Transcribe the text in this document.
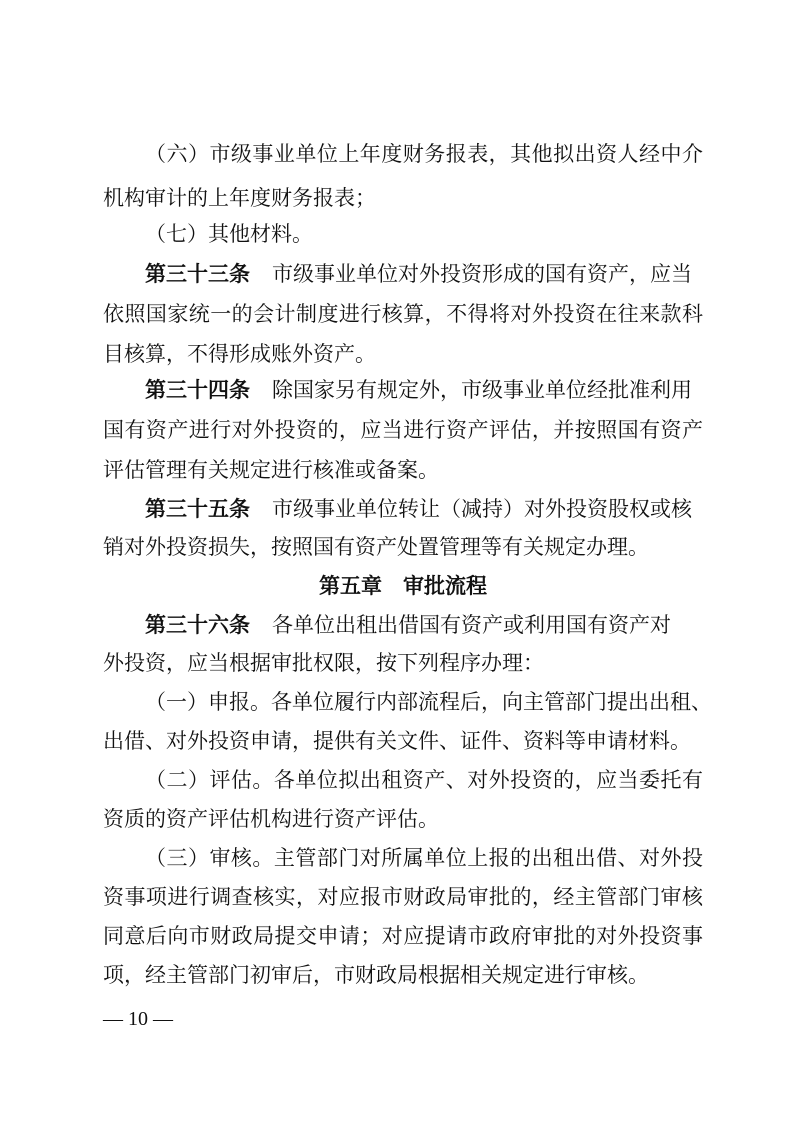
（六）市级事业单位上年度财务报表，其他拟出资人经中介
机构审计的上年度财务报表；
（七）其他材料。
第三十三条 市级事业单位对外投资形成的国有资产，应当
依照国家统一的会计制度进行核算，不得将对外投资在往来款科
目核算，不得形成账外资产。
第三十四条 除国家另有规定外，市级事业单位经批准利用
国有资产进行对外投资的，应当进行资产评估，并按照国有资产
评估管理有关规定进行核准或备案。
第三十五条 市级事业单位转让（减持）对外投资股权或核
销对外投资损失，按照国有资产处置管理等有关规定办理。
第五章　审批流程
第三十六条 各单位出租出借国有资产或利用国有资产对
外投资，应当根据审批权限，按下列程序办理：
（一）申报。各单位履行内部流程后，向主管部门提出出租、
出借、对外投资申请，提供有关文件、证件、资料等申请材料。
（二）评估。各单位拟出租资产、对外投资的，应当委托有
资质的资产评估机构进行资产评估。
（三）审核。主管部门对所属单位上报的出租出借、对外投
资事项进行调查核实，对应报市财政局审批的，经主管部门审核
同意后向市财政局提交申请；对应提请市政府审批的对外投资事
项，经主管部门初审后，市财政局根据相关规定进行审核。
— 10 —
